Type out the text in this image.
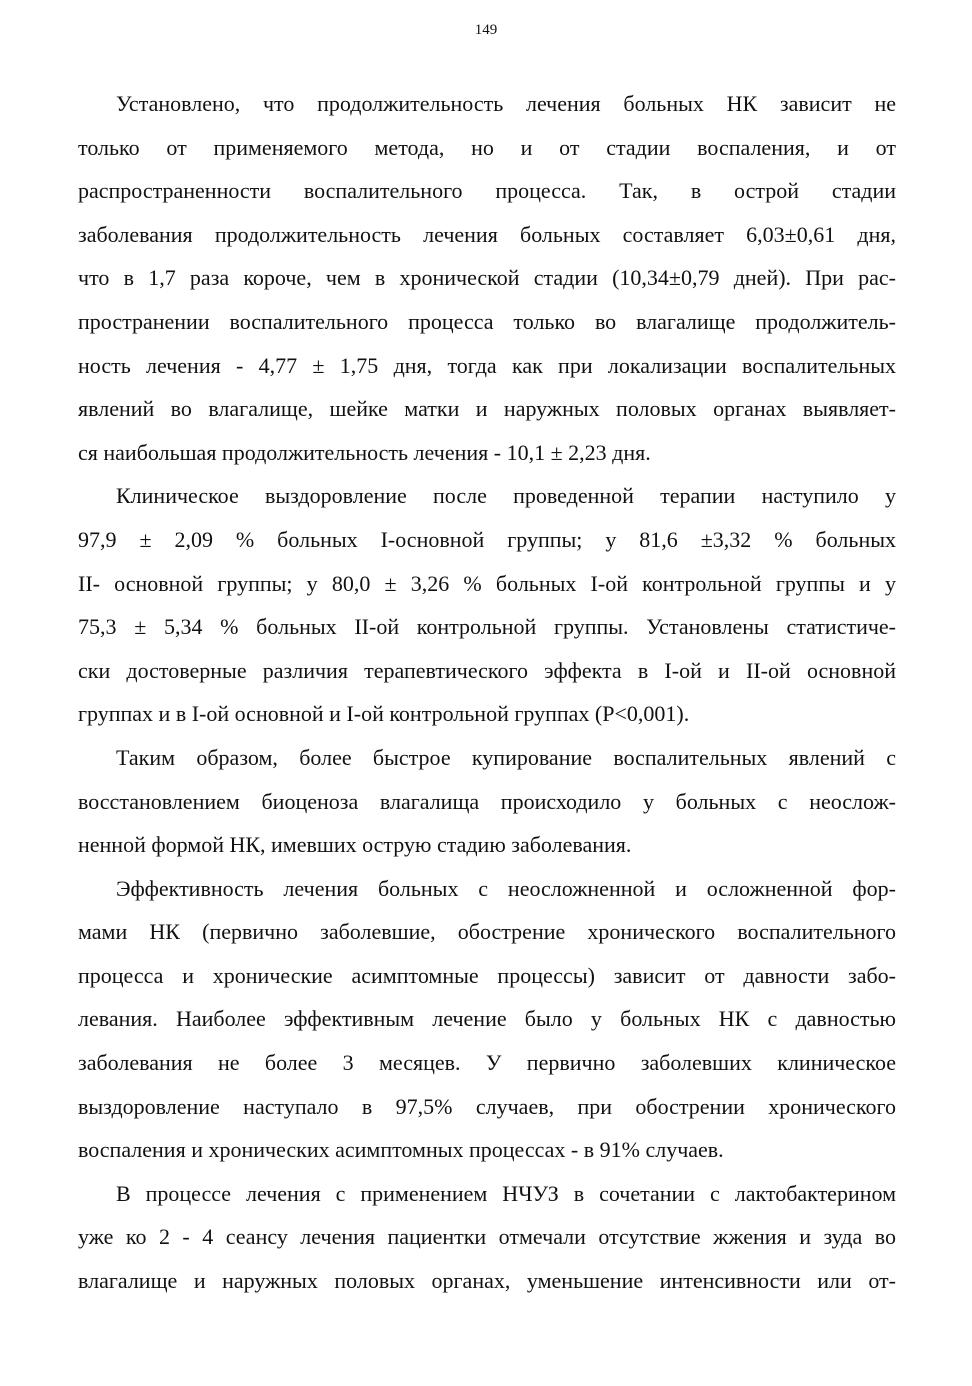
149
Установлено, что продолжительность лечения больных НК зависит не
только от применяемого метода, но и от стадии воспаления, и от
распространенности воспалительного процесса. Так, в острой стадии
заболевания продолжительность лечения больных составляет 6,03±0,61 дня,
что в 1,7 раза короче, чем в хронической стадии (10,34±0,79 дней). При рас-
пространении воспалительного процесса только во влагалище продолжитель-
ность лечения - 4,77 ± 1,75 дня, тогда как при локализации воспалительных
явлений во влагалище, шейке матки и наружных половых органах выявляет-
ся наибольшая продолжительность лечения - 10,1 ± 2,23 дня.
Клиническое выздоровление после проведенной терапии наступило у
97,9 ± 2,09 % больных I-основной группы; у 81,6 ±3,32 % больных
II- основной группы; у 80,0 ± 3,26 % больных I-ой контрольной группы и у
75,3 ± 5,34 % больных II-ой контрольной группы. Установлены статистиче-
ски достоверные различия терапевтического эффекта в I-ой и II-ой основной
группах и в I-ой основной и I-ой контрольной группах (Р<0,001).
Таким образом, более быстрое купирование воспалительных явлений с
восстановлением биоценоза влагалища происходило у больных с неослож-
ненной формой НК, имевших острую стадию заболевания.
Эффективность лечения больных с неосложненной и осложненной фор-
мами НК (первично заболевшие, обострение хронического воспалительного
процесса и хронические асимптомные процессы) зависит от давности забо-
левания. Наиболее эффективным лечение было у больных НК с давностью
заболевания не более 3 месяцев. У первично заболевших клиническое
выздоровление наступало в 97,5% случаев, при обострении хронического
воспаления и хронических асимптомных процессах - в 91% случаев.
В процессе лечения с применением НЧУЗ в сочетании с лактобактерином
уже ко 2 - 4 сеансу лечения пациентки отмечали отсутствие жжения и зуда во
влагалище и наружных половых органах, уменьшение интенсивности или от-
